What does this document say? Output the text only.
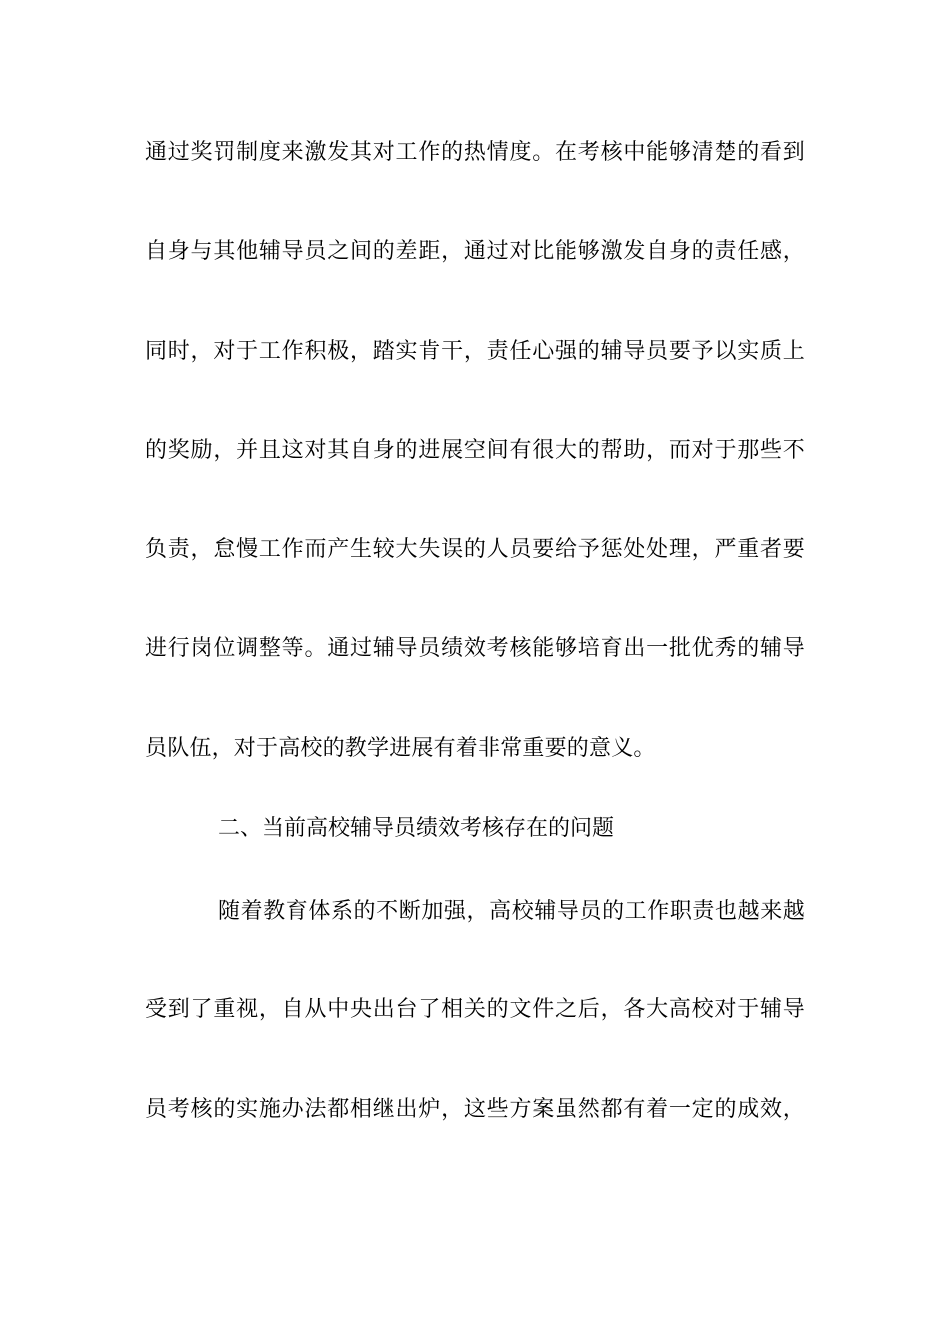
通过奖罚制度来激发其对工作的热情度。在考核中能够清楚的看到
自身与其他辅导员之间的差距，通过对比能够激发自身的责任感，
同时，对于工作积极，踏实肯干，责任心强的辅导员要予以实质上
的奖励，并且这对其自身的进展空间有很大的帮助，而对于那些不
负责，怠慢工作而产生较大失误的人员要给予惩处处理，严重者要
进行岗位调整等。通过辅导员绩效考核能够培育出一批优秀的辅导
员队伍，对于高校的教学进展有着非常重要的意义。
二、当前高校辅导员绩效考核存在的问题
随着教育体系的不断加强，高校辅导员的工作职责也越来越
受到了重视，自从中央出台了相关的文件之后，各大高校对于辅导
员考核的实施办法都相继出炉，这些方案虽然都有着一定的成效，
